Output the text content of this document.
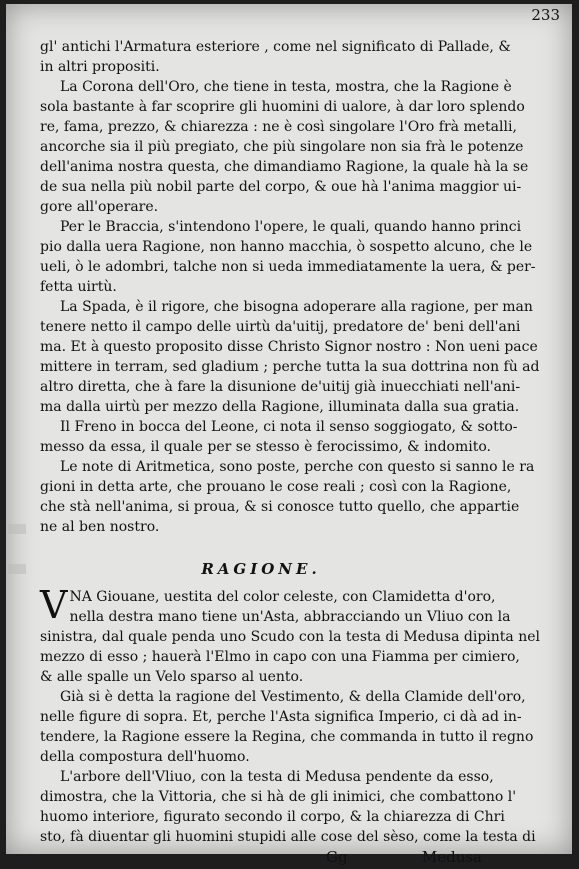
233
gl' antichi l'Armatura esteriore , come nel significato di Pallade, &
in altri propositi.
La Corona dell'Oro, che tiene in testa, mostra, che la Ragione è
sola bastante à far scoprire gli huomini di ualore, à dar loro splendo
re, fama, prezzo, & chiarezza : ne è così singolare l'Oro frà metalli,
ancorche sia il più pregiato, che più singolare non sia frà le potenze
dell'anima nostra questa, che dimandiamo Ragione, la quale hà la se
de sua nella più nobil parte del corpo, & oue hà l'anima maggior ui-
gore all'operare.
Per le Braccia, s'intendono l'opere, le quali, quando hanno princi
pio dalla uera Ragione, non hanno macchia, ò sospetto alcuno, che le
ueli, ò le adombri, talche non si ueda immediatamente la uera, & per-
fetta uirtù.
La Spada, è il rigore, che bisogna adoperare alla ragione, per man
tenere netto il campo delle uirtù da'uitij, predatore de' beni dell'ani
ma. Et à questo proposito disse Christo Signor nostro : Non ueni pace
mittere in terram, sed gladium ; perche tutta la sua dottrina non fù ad
altro diretta, che à fare la disunione de'uitij già inuecchiati nell'ani-
ma dalla uirtù per mezzo della Ragione, illuminata dalla sua gratia.
Il Freno in bocca del Leone, ci nota il senso soggiogato, & sotto-
messo da essa, il quale per se stesso è ferocissimo, & indomito.
Le note di Aritmetica, sono poste, perche con questo si sanno le ra
gioni in detta arte, che prouano le cose reali ; così con la Ragione,
che stà nell'anima, si proua, & si conosce tutto quello, che appartie
ne al ben nostro.
RAGIONE.
VNA Giouane, uestita del color celeste, con Clamidetta d'oro,
nella destra mano tiene un'Asta, abbracciando un Vliuo con la
sinistra, dal quale penda uno Scudo con la testa di Medusa dipinta nel
mezzo di esso ; hauerà l'Elmo in capo con una Fiamma per cimiero,
& alle spalle un Velo sparso al uento.
Già si è detta la ragione del Vestimento, & della Clamide dell'oro,
nelle figure di sopra. Et, perche l'Asta significa Imperio, ci dà ad in-
tendere, la Ragione essere la Regina, che commanda in tutto il regno
della compostura dell'huomo.
L'arbore dell'Vliuo, con la testa di Medusa pendente da esso,
dimostra, che la Vittoria, che si hà de gli inimici, che combattono l'
huomo interiore, figurato secondo il corpo, & la chiarezza di Chri
sto, fà diuentar gli huomini stupidi alle cose del sèso, come la testa di
Gg	Medusa
